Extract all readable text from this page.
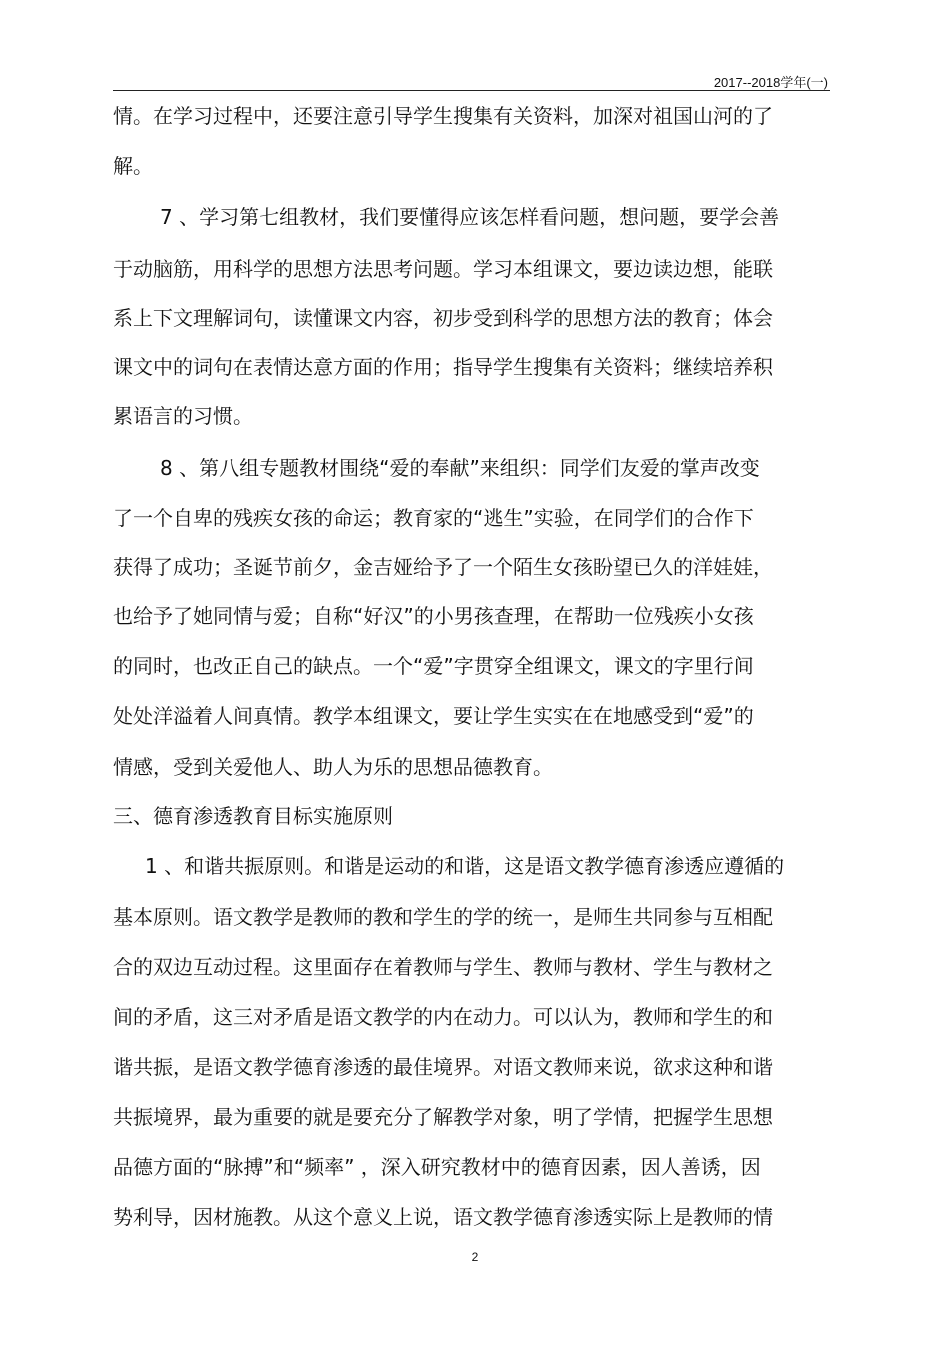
2017--2018学年(一)
情。在学习过程中，还要注意引导学生搜集有关资料，加深对祖国山河的了
解。
7 、学习第七组教材，我们要懂得应该怎样看问题，想问题，要学会善
于动脑筋，用科学的思想方法思考问题。学习本组课文，要边读边想，能联
系上下文理解词句，读懂课文内容，初步受到科学的思想方法的教育；体会
课文中的词句在表情达意方面的作用；指导学生搜集有关资料；继续培养积
累语言的习惯。
8 、第八组专题教材围绕“爱的奉献”来组织：同学们友爱的掌声改变
了一个自卑的残疾女孩的命运；教育家的“逃生”实验，在同学们的合作下
获得了成功；圣诞节前夕，金吉娅给予了一个陌生女孩盼望已久的洋娃娃，
也给予了她同情与爱；自称“好汉”的小男孩查理，在帮助一位残疾小女孩
的同时，也改正自己的缺点。一个“爱”字贯穿全组课文，课文的字里行间
处处洋溢着人间真情。教学本组课文，要让学生实实在在地感受到“爱”的
情感，受到关爱他人、助人为乐的思想品德教育。
三、德育渗透教育目标实施原则
1 、和谐共振原则。和谐是运动的和谐，这是语文教学德育渗透应遵循的
基本原则。语文教学是教师的教和学生的学的统一，是师生共同参与互相配
合的双边互动过程。这里面存在着教师与学生、教师与教材、学生与教材之
间的矛盾，这三对矛盾是语文教学的内在动力。可以认为，教师和学生的和
谐共振，是语文教学德育渗透的最佳境界。对语文教师来说，欲求这种和谐
共振境界，最为重要的就是要充分了解教学对象，明了学情，把握学生思想
品德方面的“脉搏”和“频率” ，深入研究教材中的德育因素，因人善诱，因
势利导，因材施教。从这个意义上说，语文教学德育渗透实际上是教师的情
2
